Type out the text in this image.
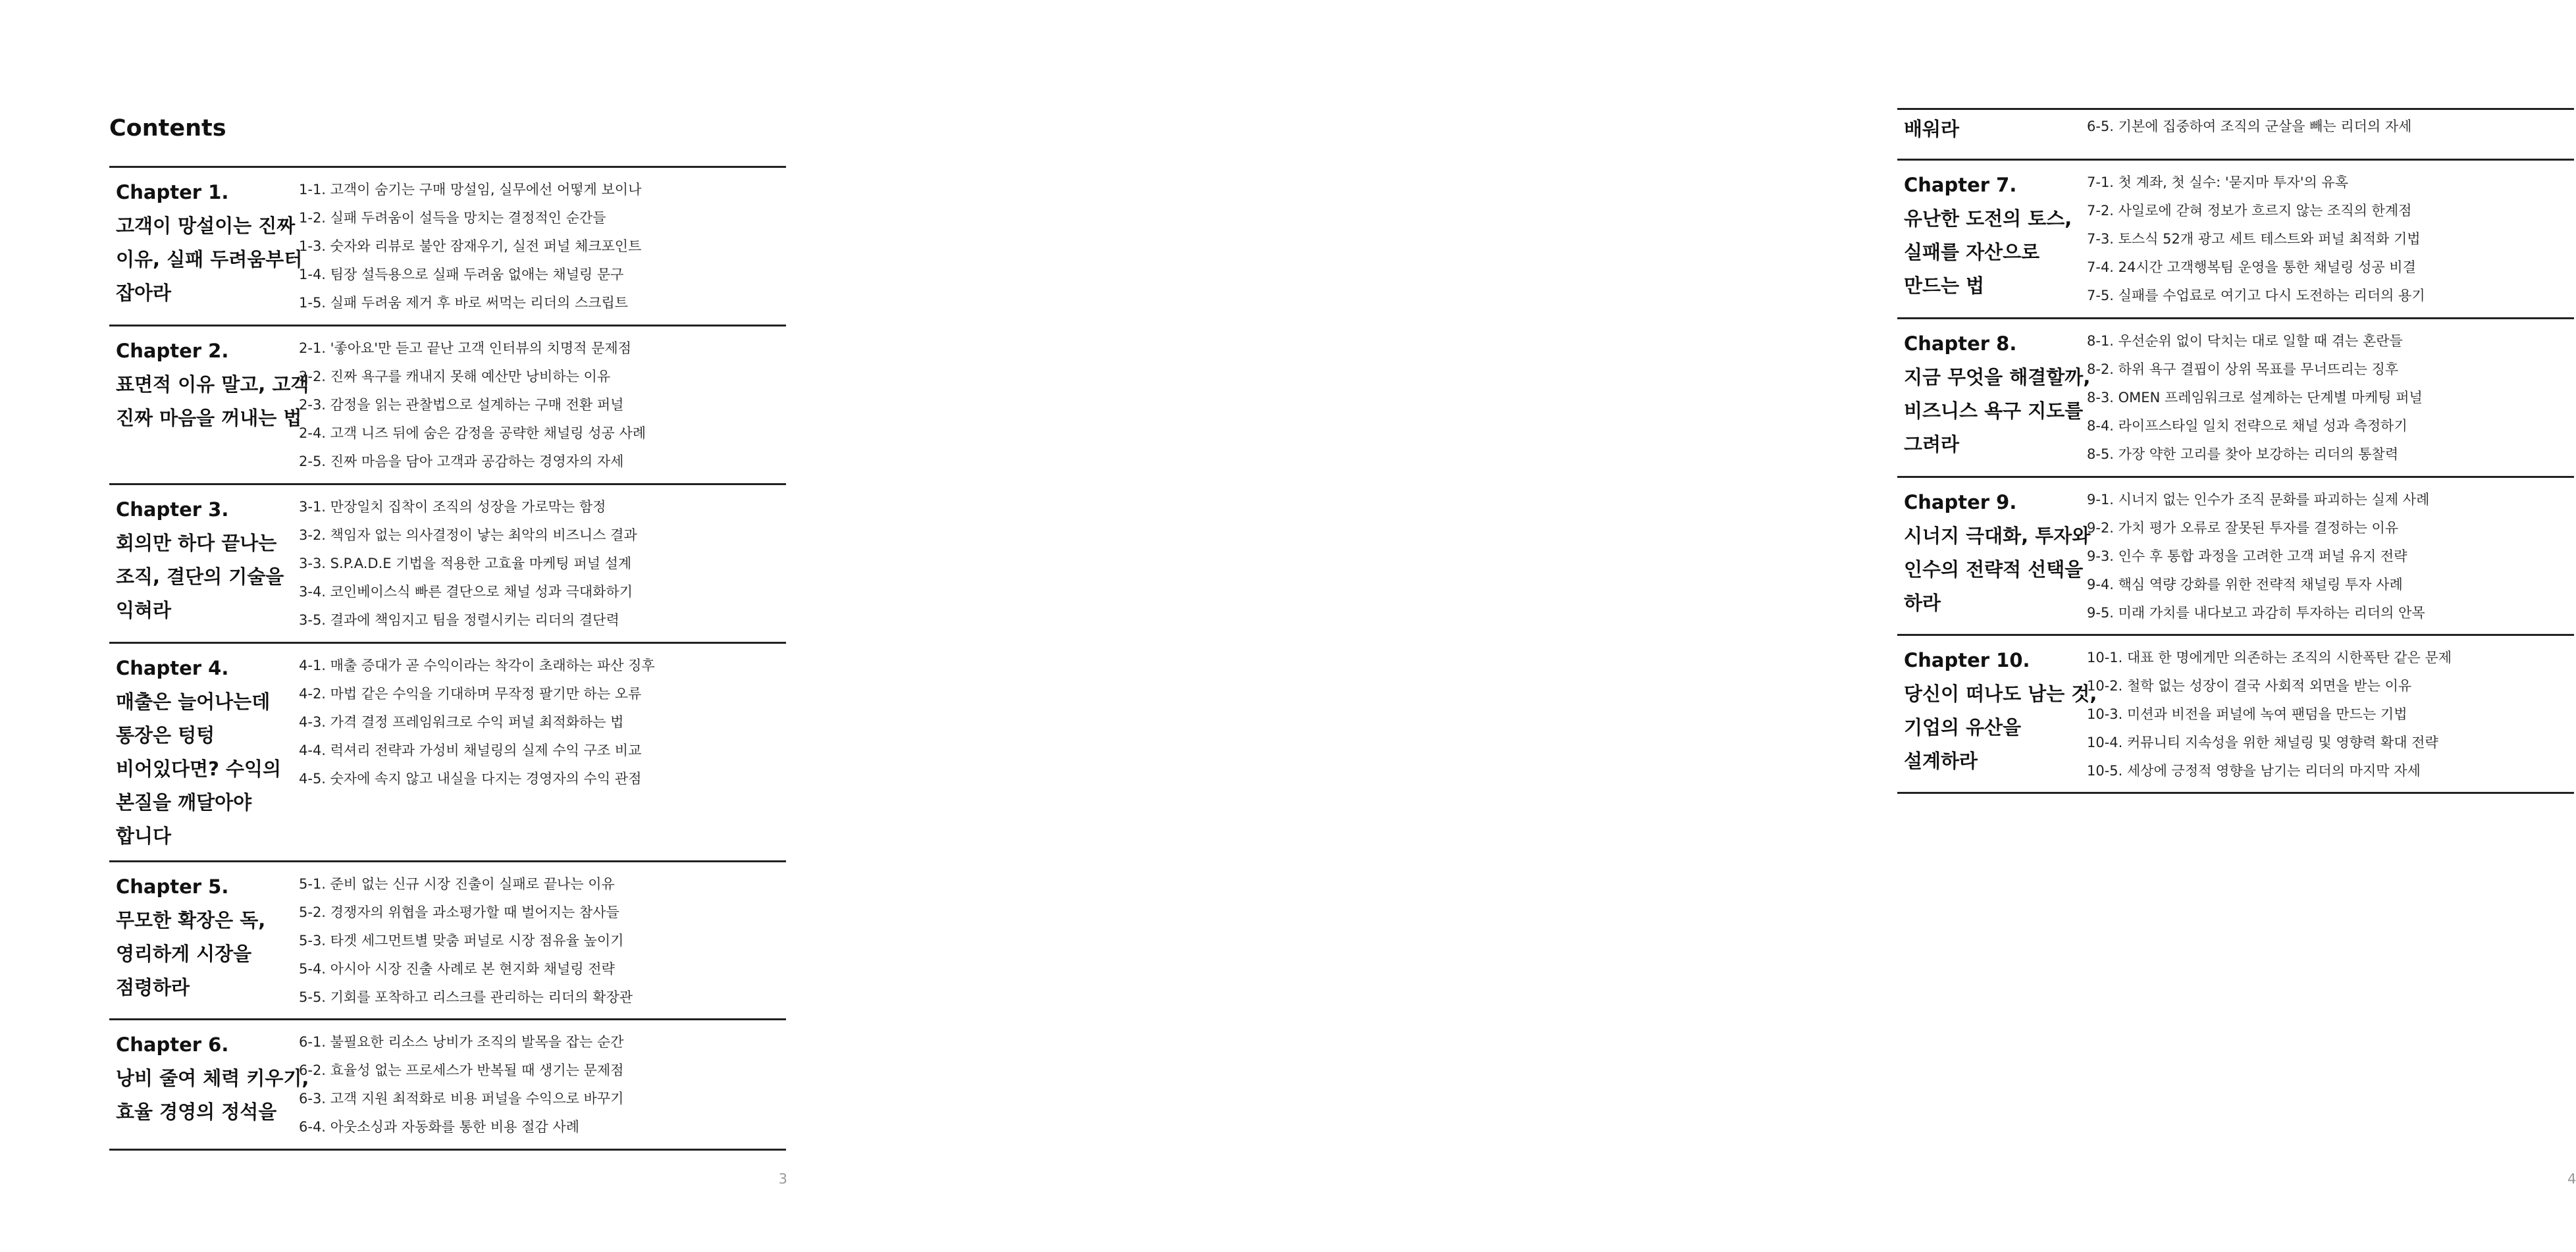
Contents
Chapter 1.
고객이 망설이는 진짜
이유, 실패 두려움부터
잡아라
1-1. 고객이 숨기는 구매 망설임, 실무에선 어떻게 보이나
1-2. 실패 두려움이 설득을 망치는 결정적인 순간들
1-3. 숫자와 리뷰로 불안 잠재우기, 실전 퍼널 체크포인트
1-4. 팀장 설득용으로 실패 두려움 없애는 채널링 문구
1-5. 실패 두려움 제거 후 바로 써먹는 리더의 스크립트
Chapter 2.
표면적 이유 말고, 고객
진짜 마음을 꺼내는 법
2-1. '좋아요'만 듣고 끝난 고객 인터뷰의 치명적 문제점
2-2. 진짜 욕구를 캐내지 못해 예산만 낭비하는 이유
2-3. 감정을 읽는 관찰법으로 설계하는 구매 전환 퍼널
2-4. 고객 니즈 뒤에 숨은 감정을 공략한 채널링 성공 사례
2-5. 진짜 마음을 담아 고객과 공감하는 경영자의 자세
Chapter 3.
회의만 하다 끝나는
조직, 결단의 기술을
익혀라
3-1. 만장일치 집착이 조직의 성장을 가로막는 함정
3-2. 책임자 없는 의사결정이 낳는 최악의 비즈니스 결과
3-3. S.P.A.D.E 기법을 적용한 고효율 마케팅 퍼널 설계
3-4. 코인베이스식 빠른 결단으로 채널 성과 극대화하기
3-5. 결과에 책임지고 팀을 정렬시키는 리더의 결단력
Chapter 4.
매출은 늘어나는데
통장은 텅텅
비어있다면? 수익의
본질을 깨달아야
합니다
4-1. 매출 증대가 곧 수익이라는 착각이 초래하는 파산 징후
4-2. 마법 같은 수익을 기대하며 무작정 팔기만 하는 오류
4-3. 가격 결정 프레임워크로 수익 퍼널 최적화하는 법
4-4. 럭셔리 전략과 가성비 채널링의 실제 수익 구조 비교
4-5. 숫자에 속지 않고 내실을 다지는 경영자의 수익 관점
Chapter 5.
무모한 확장은 독,
영리하게 시장을
점령하라
5-1. 준비 없는 신규 시장 진출이 실패로 끝나는 이유
5-2. 경쟁자의 위협을 과소평가할 때 벌어지는 참사들
5-3. 타겟 세그먼트별 맞춤 퍼널로 시장 점유율 높이기
5-4. 아시아 시장 진출 사례로 본 현지화 채널링 전략
5-5. 기회를 포착하고 리스크를 관리하는 리더의 확장관
Chapter 6.
낭비 줄여 체력 키우기,
효율 경영의 정석을
6-1. 불필요한 리소스 낭비가 조직의 발목을 잡는 순간
6-2. 효율성 없는 프로세스가 반복될 때 생기는 문제점
6-3. 고객 지원 최적화로 비용 퍼널을 수익으로 바꾸기
6-4. 아웃소싱과 자동화를 통한 비용 절감 사례
3
배워라	6-5. 기본에 집중하여 조직의 군살을 빼는 리더의 자세
Chapter 7.
유난한 도전의 토스,
실패를 자산으로
만드는 법
7-1. 첫 계좌, 첫 실수: '묻지마 투자'의 유혹
7-2. 사일로에 갇혀 정보가 흐르지 않는 조직의 한계점
7-3. 토스식 52개 광고 세트 테스트와 퍼널 최적화 기법
7-4. 24시간 고객행복팀 운영을 통한 채널링 성공 비결
7-5. 실패를 수업료로 여기고 다시 도전하는 리더의 용기
Chapter 8.
지금 무엇을 해결할까,
비즈니스 욕구 지도를
그려라
8-1. 우선순위 없이 닥치는 대로 일할 때 겪는 혼란들
8-2. 하위 욕구 결핍이 상위 목표를 무너뜨리는 징후
8-3. OMEN 프레임워크로 설계하는 단계별 마케팅 퍼널
8-4. 라이프스타일 일치 전략으로 채널 성과 측정하기
8-5. 가장 약한 고리를 찾아 보강하는 리더의 통찰력
Chapter 9.
시너지 극대화, 투자와
인수의 전략적 선택을
하라
9-1. 시너지 없는 인수가 조직 문화를 파괴하는 실제 사례
9-2. 가치 평가 오류로 잘못된 투자를 결정하는 이유
9-3. 인수 후 통합 과정을 고려한 고객 퍼널 유지 전략
9-4. 핵심 역량 강화를 위한 전략적 채널링 투자 사례
9-5. 미래 가치를 내다보고 과감히 투자하는 리더의 안목
Chapter 10.
당신이 떠나도 남는 것,
기업의 유산을
설계하라
10-1. 대표 한 명에게만 의존하는 조직의 시한폭탄 같은 문제
10-2. 철학 없는 성장이 결국 사회적 외면을 받는 이유
10-3. 미션과 비전을 퍼널에 녹여 팬덤을 만드는 기법
10-4. 커뮤니티 지속성을 위한 채널링 및 영향력 확대 전략
10-5. 세상에 긍정적 영향을 남기는 리더의 마지막 자세
4
